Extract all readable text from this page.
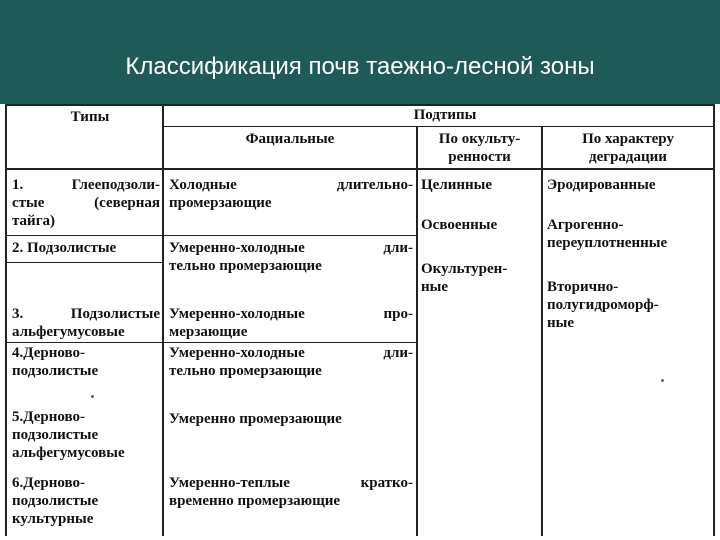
Классификация почв таежно-лесной зоны
Типы	Подтипы
Фациальные	По окульту-
ренности
По характеру
деградации
1. Глееподзоли-
стые (северная
тайга)
2. Подзолистые
3. Подзолистые
альфегумусовые
4.Дерново-
подзолистые
5.Дерново-
подзолистые
альфегумусовые
6.Дерново-
подзолистые
культурные
Холодные длительно-
промерзающие
Умеренно-холодные дли-
тельно промерзающие
Умеренно-холодные про-
мерзающие
Умеренно-холодные дли-
тельно промерзающие
Умеренно промерзающие
Умеренно-теплые кратко-
временно промерзающие
Целинные
Освоенные
Окультурен-
ные
Эродированные
Агрогенно-
переуплотненные
Вторично-
полугидроморф-
ные
